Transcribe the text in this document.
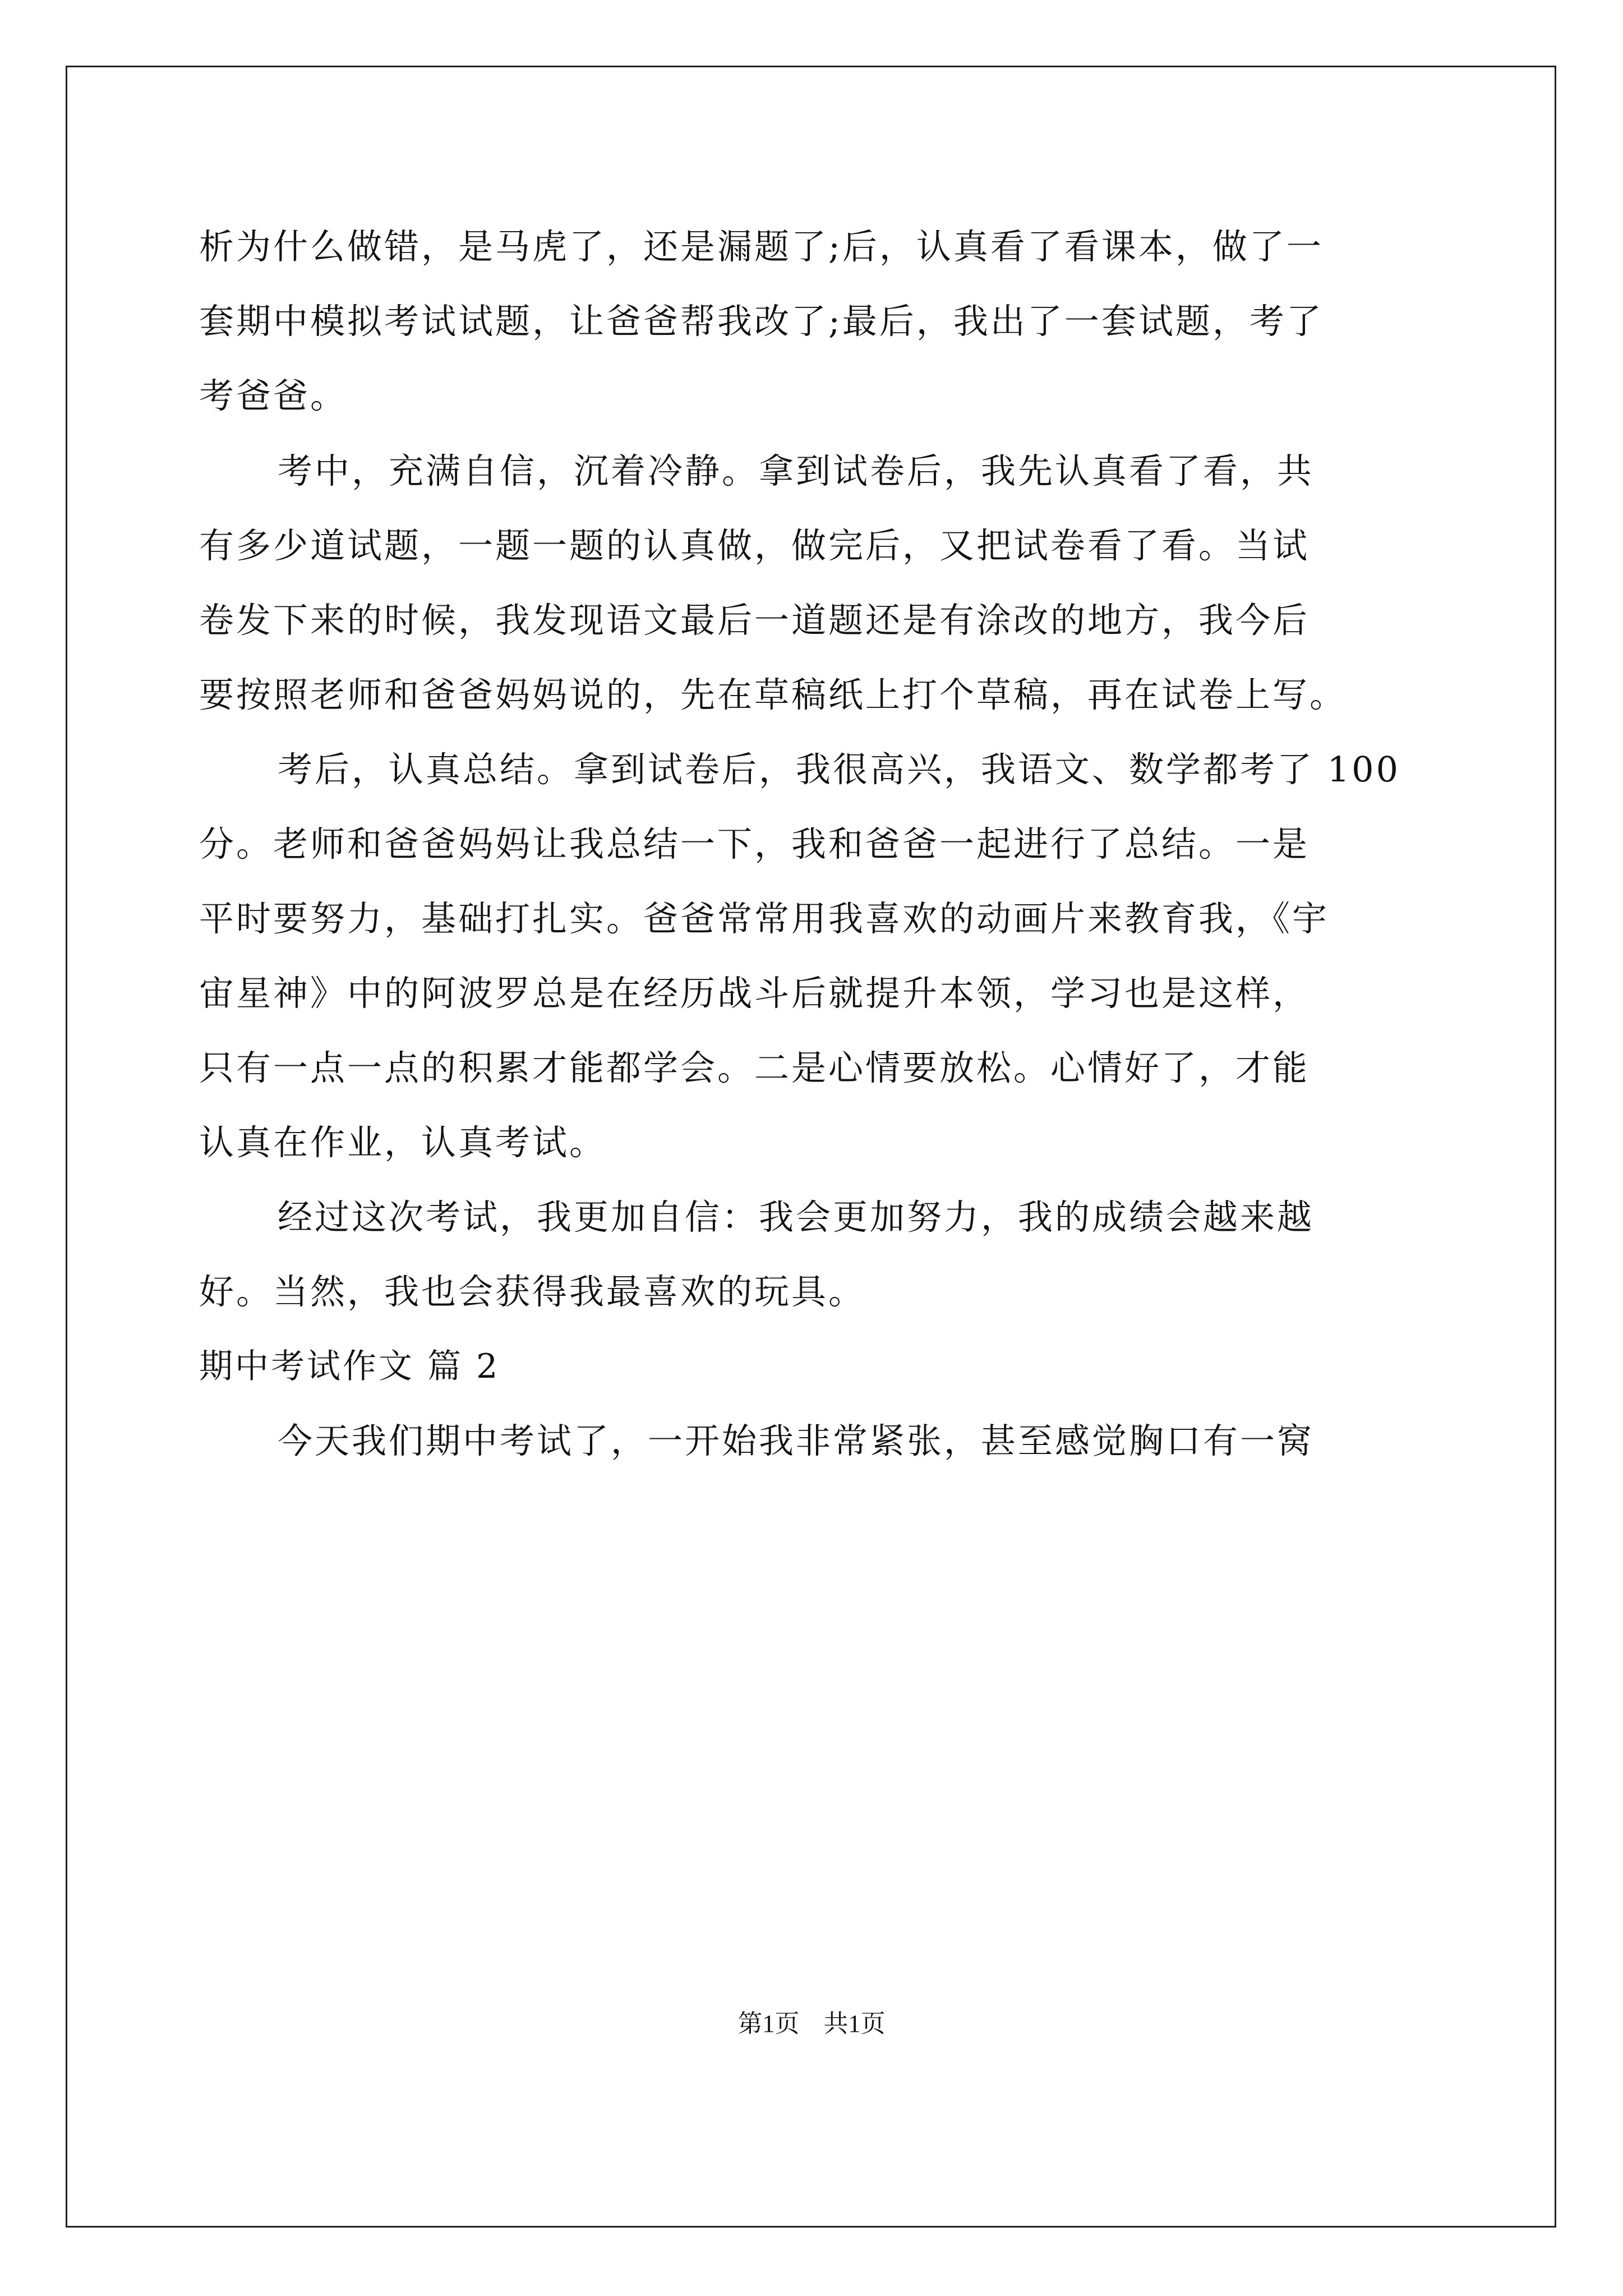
析为什么做错，是马虎了，还是漏题了;后，认真看了看课本，做了一
套期中模拟考试试题，让爸爸帮我改了;最后，我出了一套试题，考了
考爸爸。
考中，充满自信，沉着冷静。拿到试卷后，我先认真看了看，共
有多少道试题，一题一题的认真做，做完后，又把试卷看了看。当试
卷发下来的时候，我发现语文最后一道题还是有涂改的地方，我今后
要按照老师和爸爸妈妈说的，先在草稿纸上打个草稿，再在试卷上写。
考后，认真总结。拿到试卷后，我很高兴，我语文、数学都考了 100
分。老师和爸爸妈妈让我总结一下，我和爸爸一起进行了总结。一是
平时要努力，基础打扎实。爸爸常常用我喜欢的动画片来教育我，《宇
宙星神》中的阿波罗总是在经历战斗后就提升本领，学习也是这样，
只有一点一点的积累才能都学会。二是心情要放松。心情好了，才能
认真在作业，认真考试。
经过这次考试，我更加自信：我会更加努力，我的成绩会越来越
好。当然，我也会获得我最喜欢的玩具。
期中考试作文 篇 2
今天我们期中考试了，一开始我非常紧张，甚至感觉胸口有一窝
第1页 共1页
